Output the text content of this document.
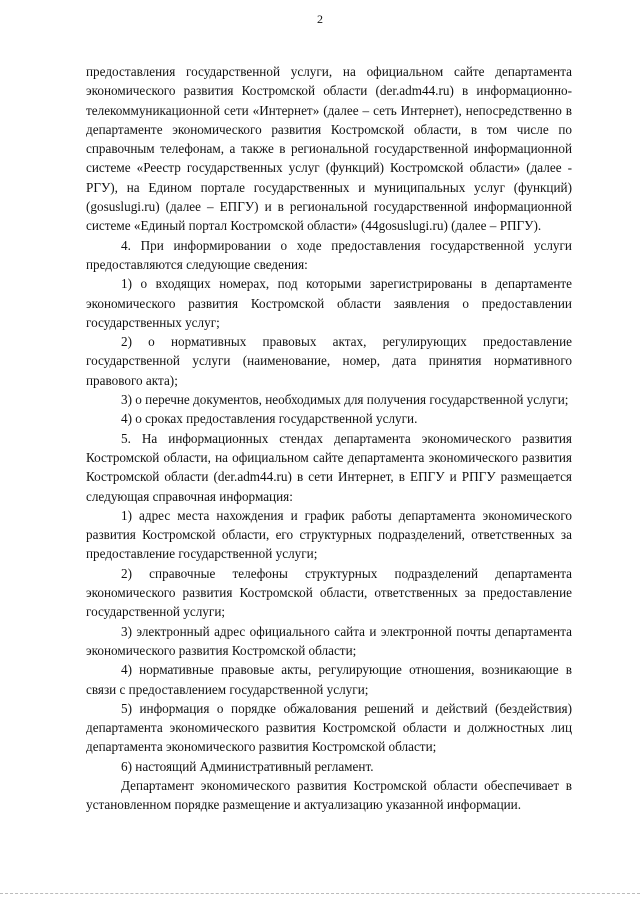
2
предоставления государственной услуги, на официальном сайте департамента экономического развития Костромской области (der.adm44.ru) в информационно-телекоммуникационной сети «Интернет» (далее – сеть Интернет), непосредственно в департаменте экономического развития Костромской области, в том числе по справочным телефонам, а также в региональной государственной информационной системе «Реестр государственных услуг (функций) Костромской области» (далее - РГУ), на Едином портале государственных и муниципальных услуг (функций) (gosuslugi.ru) (далее – ЕПГУ) и в региональной государственной информационной системе «Единый портал Костромской области» (44gosuslugi.ru) (далее – РПГУ).
4. При информировании о ходе предоставления государственной услуги предоставляются следующие сведения:
1) о входящих номерах, под которыми зарегистрированы в департаменте экономического развития Костромской области заявления о предоставлении государственных услуг;
2) о нормативных правовых актах, регулирующих предоставление государственной услуги (наименование, номер, дата принятия нормативного правового акта);
3) о перечне документов, необходимых для получения государственной услуги;
4) о сроках предоставления государственной услуги.
5. На информационных стендах департамента экономического развития Костромской области, на официальном сайте департамента экономического развития Костромской области (der.adm44.ru) в сети Интернет, в ЕПГУ и РПГУ размещается следующая справочная информация:
1) адрес места нахождения и график работы департамента экономического развития Костромской области, его структурных подразделений, ответственных за предоставление государственной услуги;
2) справочные телефоны структурных подразделений департамента экономического развития Костромской области, ответственных за предоставление государственной услуги;
3) электронный адрес официального сайта и электронной почты департамента экономического развития Костромской области;
4) нормативные правовые акты, регулирующие отношения, возникающие в связи с предоставлением государственной услуги;
5) информация о порядке обжалования решений и действий (бездействия) департамента экономического развития Костромской области и должностных лиц департамента экономического развития Костромской области;
6) настоящий Административный регламент.
Департамент экономического развития Костромской области обеспечивает в установленном порядке размещение и актуализацию указанной информации.
